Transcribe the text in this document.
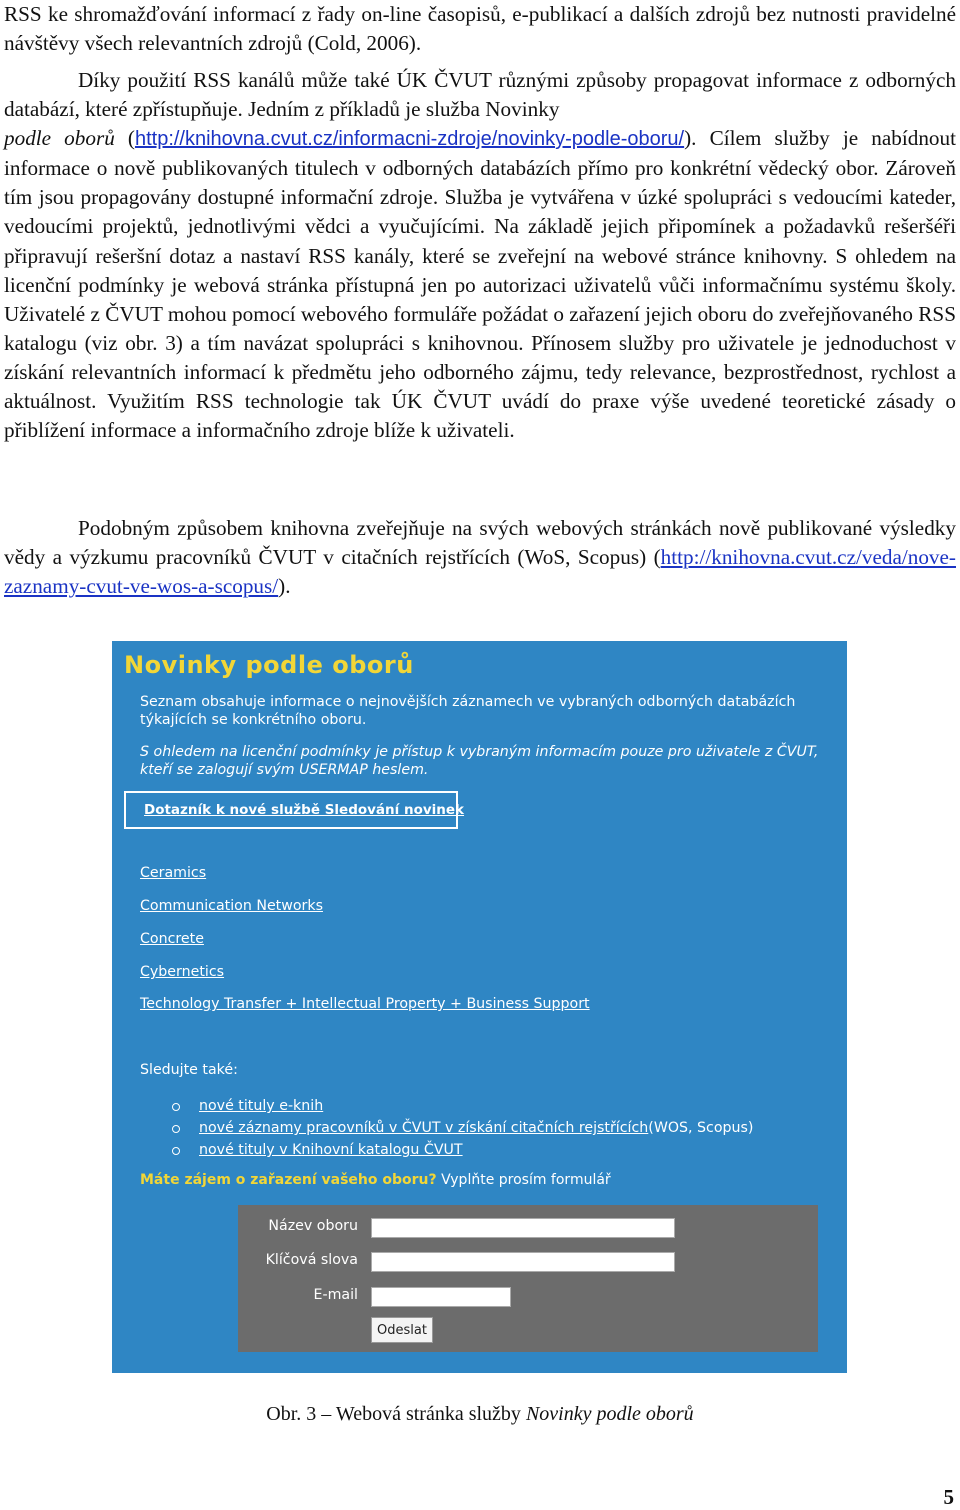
RSS ke shromažďování informací z řady on-line časopisů, e-publikací a dalších zdrojů bez nutnosti pravidelné návštěvy všech relevantních zdrojů (Cold, 2006).

Díky použití RSS kanálů může také ÚK ČVUT různými způsoby propagovat informace z odborných databází, které zpřístupňuje. Jedním z příkladů je služba Novinky
podle oborů (http://knihovna.cvut.cz/informacni-zdroje/novinky-podle-oboru/). Cílem služby je nabídnout informace o nově publikovaných titulech v odborných databázích přímo pro konkrétní vědecký obor. Zároveň tím jsou propagovány dostupné informační zdroje. Služba je vytvářena v úzké spolupráci s vedoucími kateder, vedoucími projektů, jednotlivými vědci a vyučujícími. Na základě jejich připomínek a požadavků rešeršéři připravují rešeršní dotaz a nastaví RSS kanály, které se zveřejní na webové stránce knihovny. S ohledem na licenční podmínky je webová stránka přístupná jen po autorizaci uživatelů vůči informačnímu systému školy. Uživatelé z ČVUT mohou pomocí webového formuláře požádat o zařazení jejich oboru do zveřejňovaného RSS katalogu (viz obr. 3) a tím navázat spolupráci s knihovnou. Přínosem služby pro uživatele je jednoduchost v získání relevantních informací k předmětu jeho odborného zájmu, tedy relevance, bezprostřednost, rychlost a aktuálnost. Využitím RSS technologie tak ÚK ČVUT uvádí do praxe výše uvedené teoretické zásady o přiblížení informace a informačního zdroje blíže k uživateli.

Podobným způsobem knihovna zveřejňuje na svých webových stránkách nově publikované výsledky vědy a výzkumu pracovníků ČVUT v citačních rejstřících (WoS, Scopus) (http://knihovna.cvut.cz/veda/nove-zaznamy-cvut-ve-wos-a-scopus/).

Novinky podle oborů

Seznam obsahuje informace o nejnovějších záznamech ve vybraných odborných databázích týkajících se konkrétního oboru.

S ohledem na licenční podmínky je přístup k vybraným informacím pouze pro uživatele z ČVUT, kteří se zalogují svým USERMAP heslem.

Dotazník k nové službě Sledování novinek

Ceramics

Communication Networks

Concrete

Cybernetics

Technology Transfer + Intellectual Property + Business Support

Sledujte také:

nové tituly e-knih
nové záznamy pracovníků v ČVUT v získání citačních rejstřících(WOS, Scopus)
nové tituly v Knihovní katalogu ČVUT

Máte zájem o zařazení vašeho oboru? Vyplňte prosím formulář

Název oboru

Klíčová slova

E-mail

Odeslat

Obr. 3 – Webová stránka služby Novinky podle oborů

5
